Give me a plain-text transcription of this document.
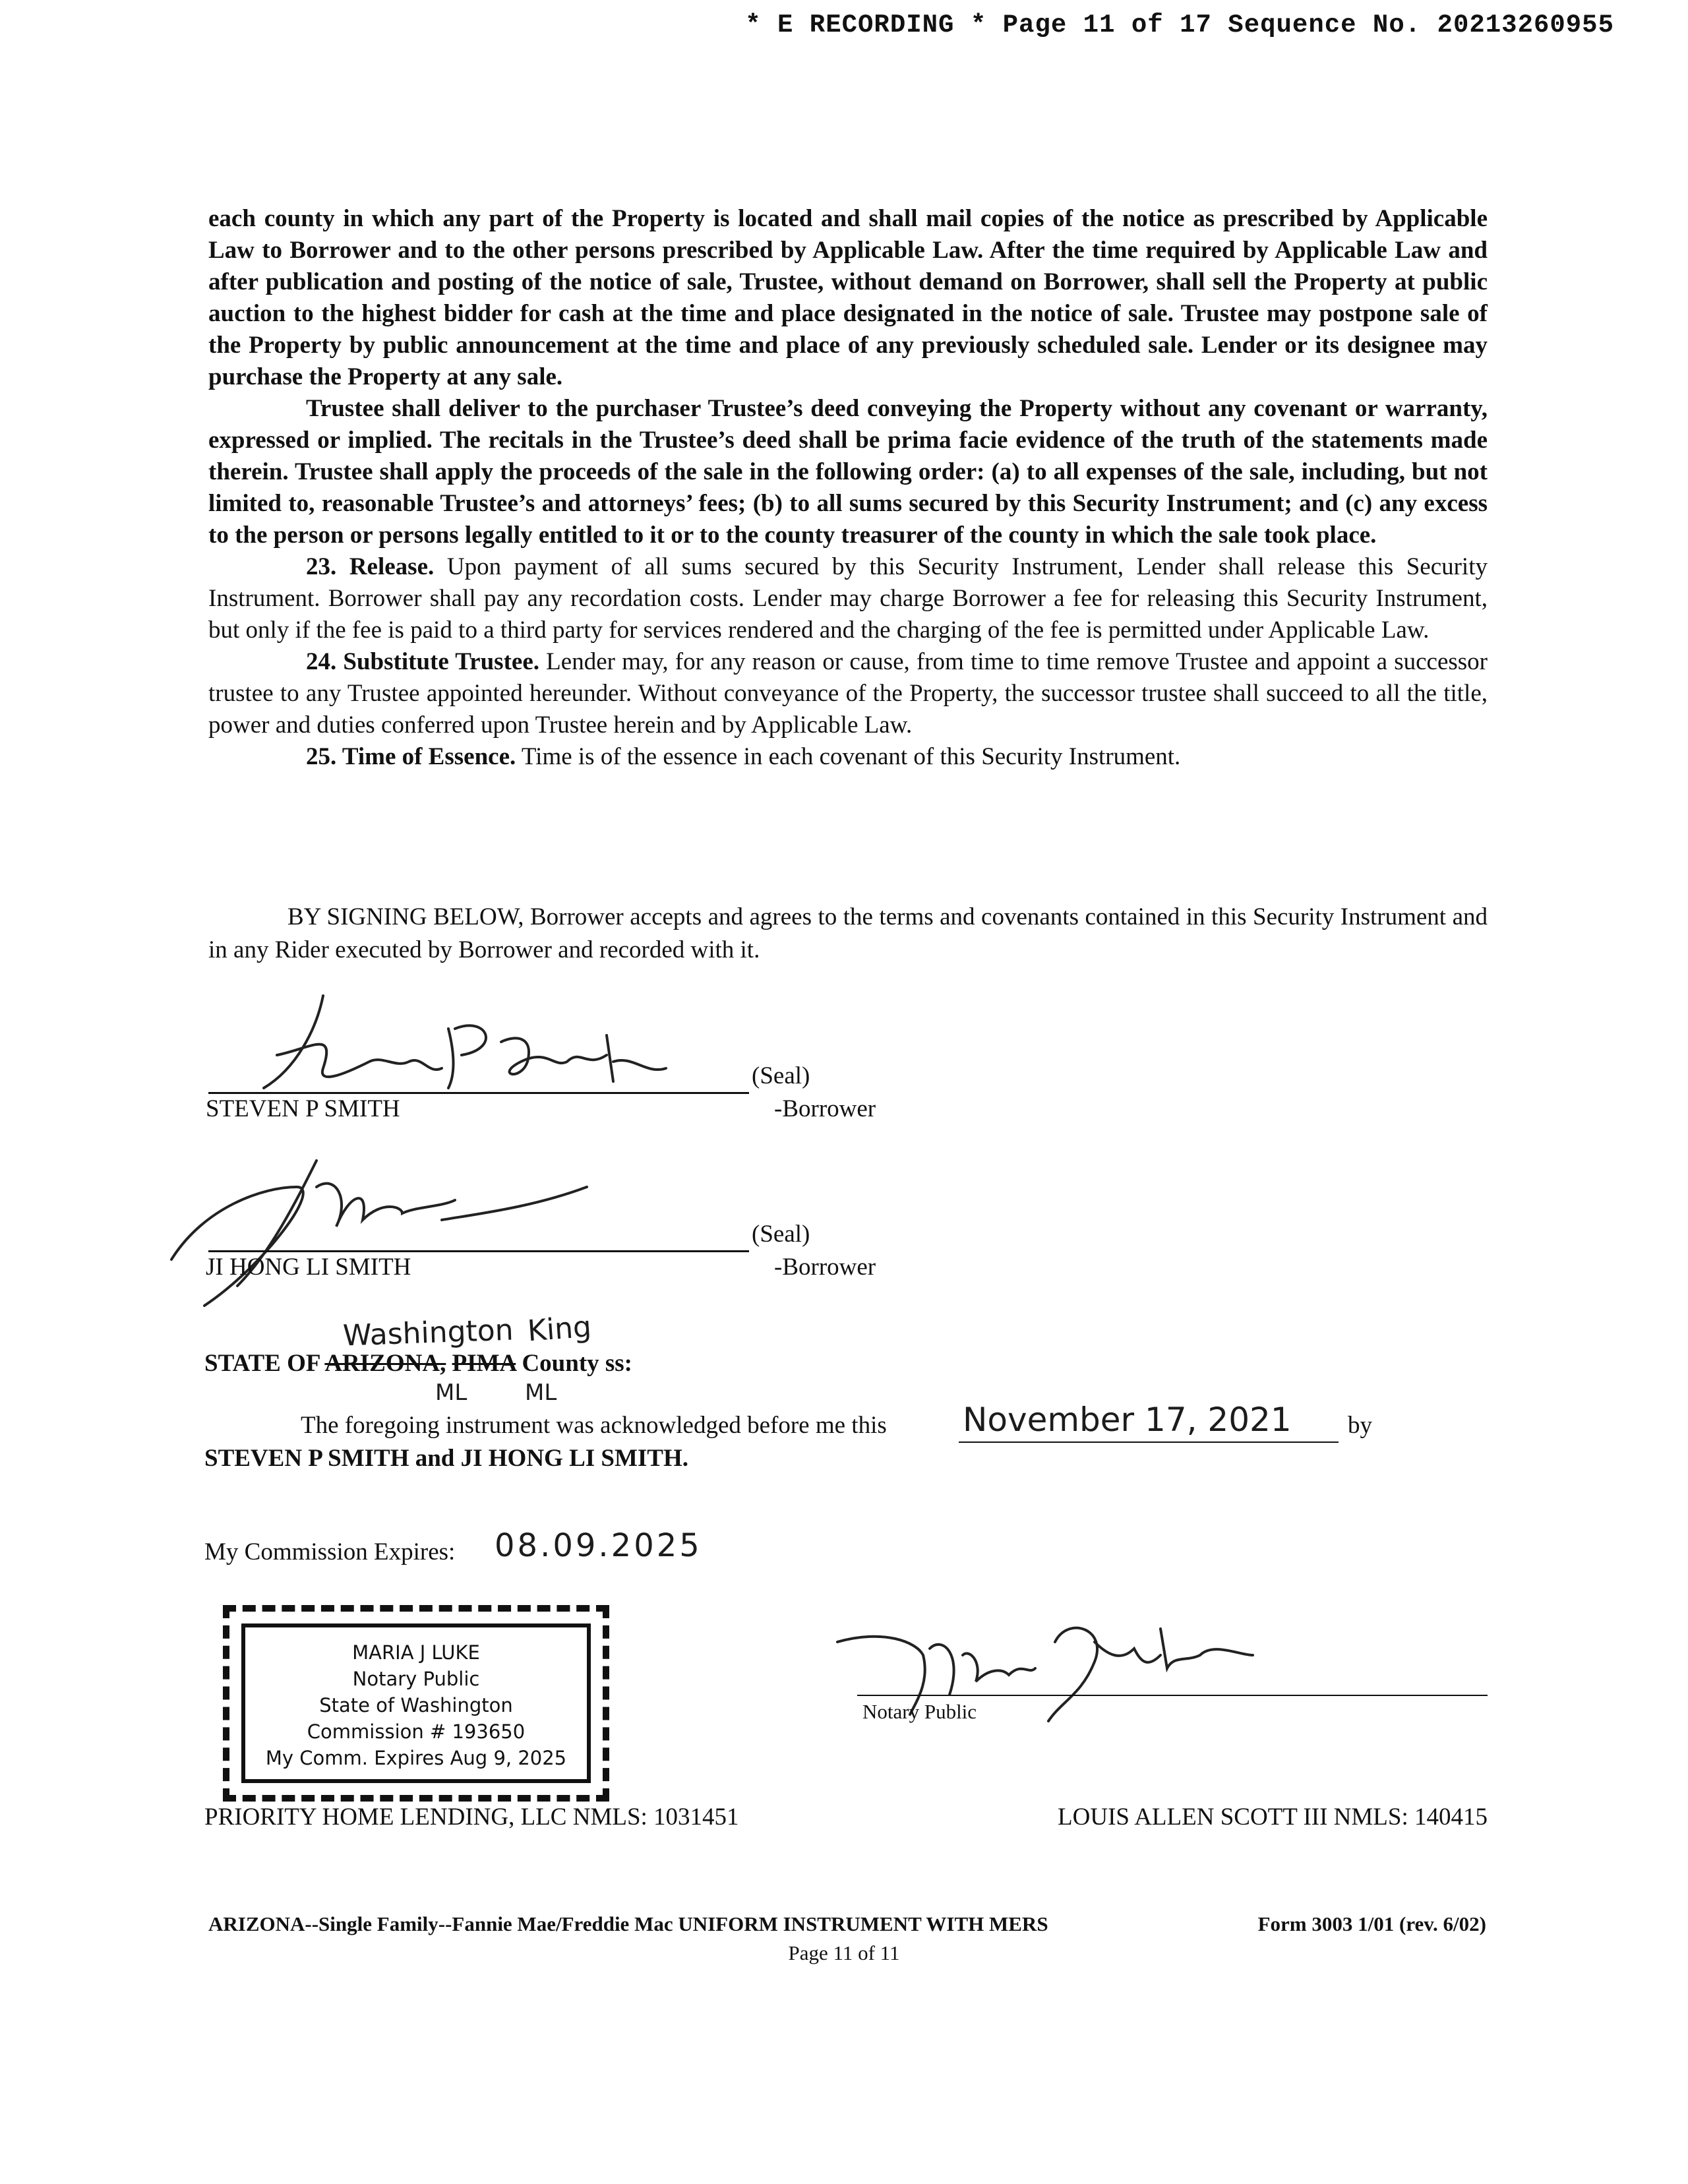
* E RECORDING * Page 11 of 17 Sequence No. 20213260955

each county in which any part of the Property is located and shall mail copies of the notice as prescribed by Applicable Law to Borrower and to the other persons prescribed by Applicable Law. After the time required by Applicable Law and after publication and posting of the notice of sale, Trustee, without demand on Borrower, shall sell the Property at public auction to the highest bidder for cash at the time and place designated in the notice of sale. Trustee may postpone sale of the Property by public announcement at the time and place of any previously scheduled sale. Lender or its designee may purchase the Property at any sale.

Trustee shall deliver to the purchaser Trustee’s deed conveying the Property without any covenant or warranty, expressed or implied. The recitals in the Trustee’s deed shall be prima facie evidence of the truth of the statements made therein. Trustee shall apply the proceeds of the sale in the following order: (a) to all expenses of the sale, including, but not limited to, reasonable Trustee’s and attorneys’ fees; (b) to all sums secured by this Security Instrument; and (c) any excess to the person or persons legally entitled to it or to the county treasurer of the county in which the sale took place.

23. Release. Upon payment of all sums secured by this Security Instrument, Lender shall release this Security Instrument. Borrower shall pay any recordation costs. Lender may charge Borrower a fee for releasing this Security Instrument, but only if the fee is paid to a third party for services rendered and the charging of the fee is permitted under Applicable Law.

24. Substitute Trustee. Lender may, for any reason or cause, from time to time remove Trustee and appoint a successor trustee to any Trustee appointed hereunder. Without conveyance of the Property, the successor trustee shall succeed to all the title, power and duties conferred upon Trustee herein and by Applicable Law.

25. Time of Essence. Time is of the essence in each covenant of this Security Instrument.

BY SIGNING BELOW, Borrower accepts and agrees to the terms and covenants contained in this Security Instrument and in any Rider executed by Borrower and recorded with it.

Steven P Smith
(Seal)
STEVEN P SMITH	-Borrower
JHL
(Seal)
JI HONG LI SMITH	-Borrower
Washington King
STATE OF ARIZONA, PIMA County ss:
ML	ML
The foregoing instrument was acknowledged before me this November 17, 2021 by
STEVEN P SMITH and JI HONG LI SMITH.
My Commission Expires: 08.09.2025
MARIA J LUKE
Notary Public
State of Washington
Commission # 193650
My Comm. Expires Aug 9, 2025
Maria J Luke
Notary Public
PRIORITY HOME LENDING, LLC NMLS: 1031451	LOUIS ALLEN SCOTT III NMLS: 140415
ARIZONA--Single Family--Fannie Mae/Freddie Mac UNIFORM INSTRUMENT WITH MERS	Form 3003 1/01 (rev. 6/02)
Page 11 of 11
